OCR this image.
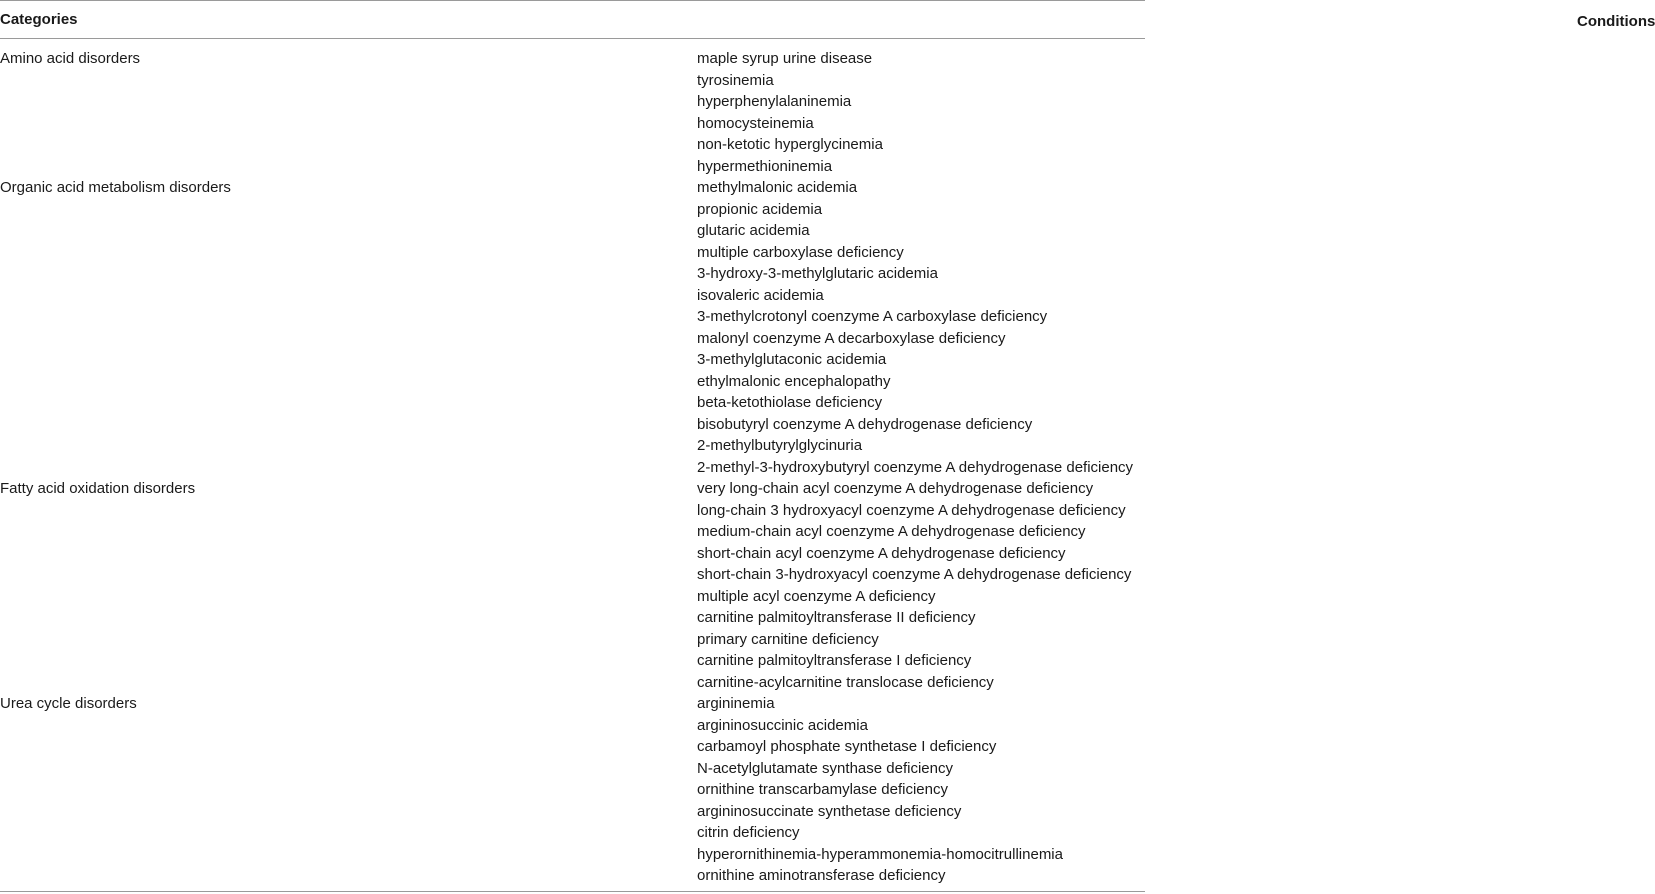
Categories	Conditions
Amino acid disorders	maple syrup urine disease
tyrosinemia
hyperphenylalaninemia
homocysteinemia
non-ketotic hyperglycinemia
hypermethioninemia
Organic acid metabolism disorders	methylmalonic acidemia
propionic acidemia
glutaric acidemia
multiple carboxylase deficiency
3-hydroxy-3-methylglutaric acidemia
isovaleric acidemia
3-methylcrotonyl coenzyme A carboxylase deficiency
malonyl coenzyme A decarboxylase deficiency
3-methylglutaconic acidemia
ethylmalonic encephalopathy
beta-ketothiolase deficiency
bisobutyryl coenzyme A dehydrogenase deficiency
2-methylbutyrylglycinuria
2-methyl-3-hydroxybutyryl coenzyme A dehydrogenase deficiency
Fatty acid oxidation disorders	very long-chain acyl coenzyme A dehydrogenase deficiency
long-chain 3 hydroxyacyl coenzyme A dehydrogenase deficiency
medium-chain acyl coenzyme A dehydrogenase deficiency
short-chain acyl coenzyme A dehydrogenase deficiency
short-chain 3-hydroxyacyl coenzyme A dehydrogenase deficiency
multiple acyl coenzyme A deficiency
carnitine palmitoyltransferase II deficiency
primary carnitine deficiency
carnitine palmitoyltransferase I deficiency
carnitine-acylcarnitine translocase deficiency
Urea cycle disorders	argininemia
argininosuccinic acidemia
carbamoyl phosphate synthetase I deficiency
N-acetylglutamate synthase deficiency
ornithine transcarbamylase deficiency
argininosuccinate synthetase deficiency
citrin deficiency
hyperornithinemia-hyperammonemia-homocitrullinemia
ornithine aminotransferase deficiency
